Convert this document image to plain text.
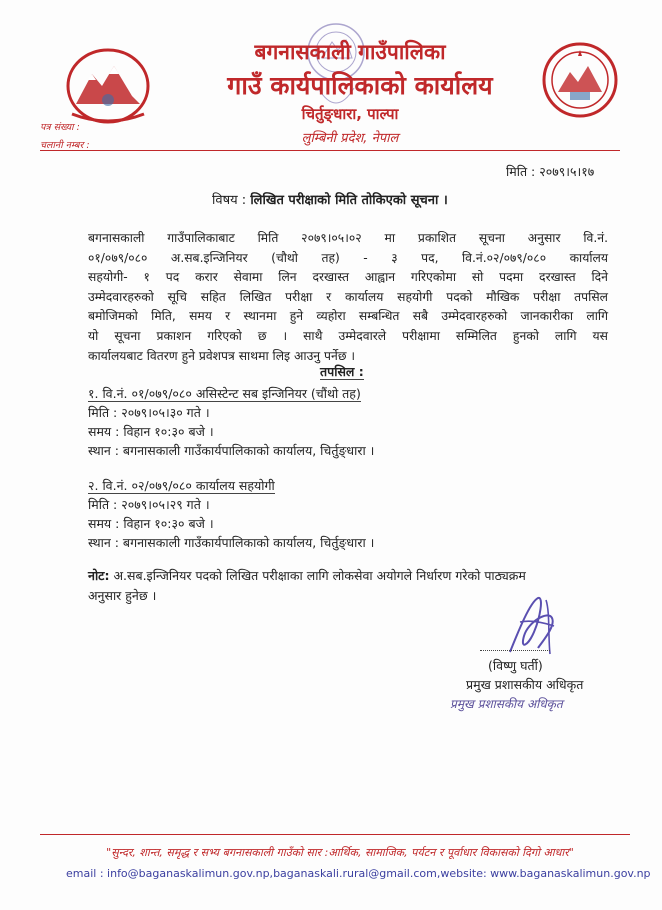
बगनासकाली गाउँपालिका
गाउँ कार्यपालिकाको कार्यालय
चिर्तुङ्धारा, पाल्पा
लुम्बिनी प्रदेश, नेपाल
पत्र संख्या :
चलानी नम्बर :
मिति : २०७९।५।१७
विषय : लिखित परीक्षाको मिति तोकिएको सूचना ।
बगनासकाली गाउँपालिकाबाट मिति २०७९।०५।०२ मा प्रकाशित सूचना अनुसार वि.नं.
०१/०७९/०८० अ.सब.इन्जिनियर (चौथो तह) - ३ पद, वि.नं.०२/०७९/०८० कार्यालय
सहयोगी- १ पद करार सेवामा लिन दरखास्त आह्वान गरिएकोमा सो पदमा दरखास्त दिने
उम्मेदवारहरुको सूचि सहित लिखित परीक्षा र कार्यालय सहयोगी पदको मौखिक परीक्षा तपसिल
बमोजिमको मिति, समय र स्थानमा हुने व्यहोरा सम्बन्धित सबै उम्मेदवारहरुको जानकारीका लागि
यो सूचना प्रकाशन गरिएको छ । साथै उम्मेदवारले परीक्षामा सम्मिलित हुनको लागि यस
कार्यालयबाट वितरण हुने प्रवेशपत्र साथमा लिइ आउनु पर्नेछ ।
तपसिल :
१. वि.नं. ०१/०७९/०८० असिस्टेन्ट सब इन्जिनियर (चौंथो तह)
मिति : २०७९।०५।३० गते ।
समय : विहान १०:३० बजे ।
स्थान : बगनासकाली गाउँकार्यपालिकाको कार्यालय, चिर्तुङ्धारा ।
२. वि.नं. ०२/०७९/०८० कार्यालय सहयोगी
मिति : २०७९।०५।२९ गते ।
समय : विहान १०:३० बजे ।
स्थान : बगनासकाली गाउँकार्यपालिकाको कार्यालय, चिर्तुङ्धारा ।
नोट: अ.सब.इन्जिनियर पदको लिखित परीक्षाका लागि लोकसेवा अयोगले निर्धारण गरेको पाठ्यक्रम
अनुसार हुनेछ ।
(विष्णु घर्ती)
प्रमुख प्रशासकीय अधिकृत
प्रमुख प्रशासकीय अधिकृत
"सुन्दर, शान्त, समृद्ध र सभ्य बगनासकाली गाउँको सार :आर्थिक, सामाजिक, पर्यटन र पूर्वाधार विकासको दिगो आधार"
email : info@baganaskalimun.gov.np, baganaskali.rural@gmail.com, website: www.baganaskalimun.gov.np
